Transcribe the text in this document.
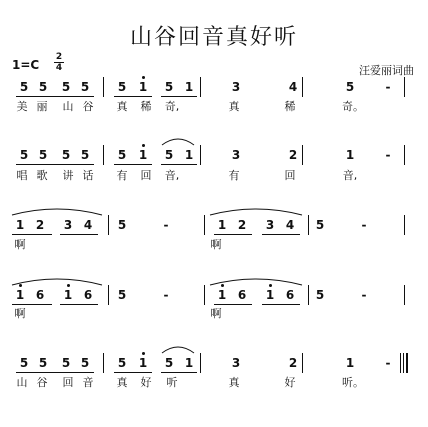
山谷回音真好听
$1=C \frac{2}{4}$	汪爱丽词曲
5 5 5 5 5 1 5 1	3	4	5	-
美 丽 山 谷 真 稀 奇,	真	稀	奇。
5 5 5 5 5 1 5 1	3	2	1	-
唱 歌 讲 话 有 回 音,	有	回	音,
1 2 3 4 5	-	1 2 3 4 5	-
啊	啊
1 6 1 6 5	-	1 6 1 6 5	-
啊	啊
5 5 5 5 5 1 5 1	3	2	1	-
山 谷 回 音 真 好 听	真	好	听。
